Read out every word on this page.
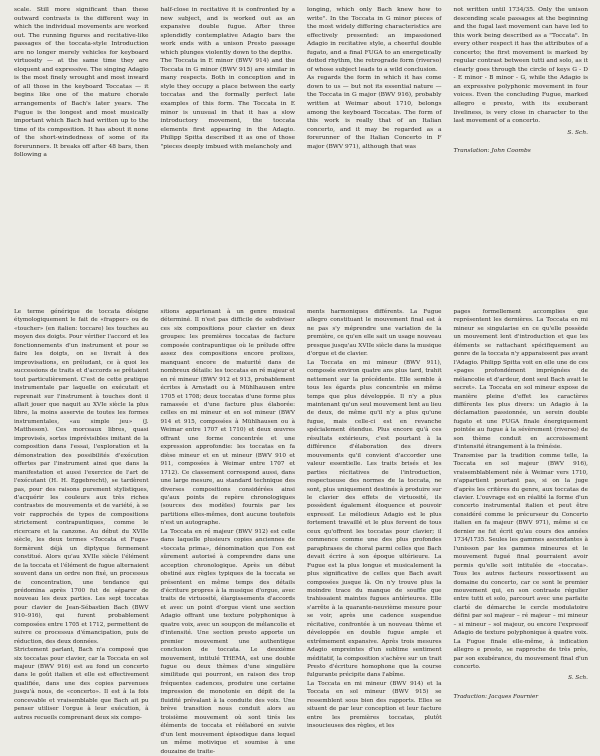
scale. Still more significant than these outward contrasts is the different way in which the individual movements are worked out. The running figures and recitative-like passages of the toccata-style Introduction are no longer merely vehicles for keyboard virtuosity — at the same time they are eloquent and expressive. The singing Adagio is the most finely wrought and most inward of all those in the keyboard Toccatas — it begins like one of the mature chorale arrangements of Bach's later years. The Fugue is the longest and most musically important which Bach had written up to the time of its composition. It has about it none of the short-windedness of some of its forerunners. It breaks off after 48 bars, then following a

half-close in recitative it is confronted by a new subject, and is worked out as an expansive double fugue. After three splendidly contemplative Adagio bars the work ends with a unison Presto passage which plunges violently down to the depths.
The Toccata in E minor (BWV 914) and the Toccata in G minor (BWV 915) are similar in many respects. Both in conception and in style they occupy a place between the early toccatas and the formally perfect late examples of this form. The Toccata in E minor is unusual in that it has a slow introductory movement, the toccata elements first appearing in the Adagio. Philipp Spitta described it as one of those "pieces deeply imbued with melancholy and

longing, which only Bach knew how to write". In the Toccata in G minor pieces of the most widely differing characteristics are effectively presented: an impassioned Adagio in recitative style, a cheerful double fugato, and a final FUGA to an energetically dotted rhythm, the retrograde form (riverso) of whose subject leads to a wild conclusion.
As regards the form in which it has come down to us — but not its essential nature — the Toccata in G major (BWV 916), probably written at Weimar about 1710, belongs among the keyboard Toccatas. The form of this work is really that of an Italian concerto, and it may be regarded as a forerunner of the Italian Concerto in F major (BWV 971), although that was

not written until 1734/35. Only the unison descending scale passages at the beginning and the fugal last movement can have led to this work being described as a "Toccata". In every other respect it has the attributes of a concerto; the first movement is marked by regular contrast between tutti and solo, as it clearly goes through the circle of keys G - D - E minor - B minor - G, while the Adagio is an expressive polyphonic movement in four voices. Even the concluding Fugue, marked allegro e presto, with its exuberant liveliness, is very close in character to the last movement of a concerto.

S. Sch.
Translation: John Coombs

Le terme générique de toccata désigne étymologiquement le fait de «frapper» ou de «toucher» (en italien: toccare) les touches au moyen des doigts. Pour vérifier l'accord et les fonctionnements d'un instrument et pour se faire les doigts, on se livrait à des improvisations, en préludant, ce à quoi les successions de traits et d'accords se prêtaient tout particulièrement. C'est de cette pratique instrumentale par laquelle on exécutait et reprenait sur l'instrument à touches dont il allait jouer que naquit au XVIe siècle la plus libre, la moins asservie de toutes les formes instrumentales, «au simple jeu» (J. Mattheson). Ces morceaux libres, quasi improvisés, sortes imprévisibles imitant de la composition dans l'essai, l'exploration et la démonstration des possibilités d'exécution offertes par l'instrument ainsi que dans la manifestation et aussi l'exercice de l'art de l'exécutant (H. H. Eggebrecht), se tardèrent pas, pour des raisons purement stylistiques, d'acquérir les couleurs aux très riches contrastes de mouvements et de variété, à se voir rapprochés de types de compositions strictement contrapuntiques, comme le ricercare et la canzone. Au début du XVIIe siècle, les deux termes «Toccata et Fuga» formèrent déjà un diptyque fermement constitué. Alors qu'au XVIIe siècle l'élément de la toccata et l'élément de fugue alternaient souvent dans un ordre non fixé, un processus de concentration, une tendance qui prédomina après 1700 fut de séparer de nouveau les deux parties. Les sept toccatas pour clavier de Jean-Sébastien Bach (BWV 910–916), qui furent probablement composées entre 1705 et 1712, permettent de suivre ce processus d'émancipation, puis de réduction, des deux données.
Strictement parlant, Bach n'a composé que six toccatas pour clavier, car la Toccata en sol majeur (BWV 916) est au fond un concerto dans le goût italien et elle est effectivement qualifiée, dans une des copies parvenues jusqu'à nous, de «concerto». Il est à la fois concevable et vraisemblable que Bach ait pu penser utiliser l'orgue à leur exécution, à autres recueils comprenant deux six compo-

sitions appartenant à un genre musical déterminé. Il n'est pas difficile de subdiviser ces six compositions pour clavier en deux groupes: les premières toccatas de facture composée contrapuntique où le prélude offre assez des compositions encore prolixes, manquant encore de maturité dans de nombreux détails: les toccatas en ré majeur et en ré mineur (BWV 912 et 913, probablement écrites à Arnstadt ou à Mühlhausen entre 1705 et 1708; deux toccatas d'une forme plus ramassée et d'une facture plus élaborée: celles en mi mineur et en sol mineur (BWV 914 et 915, composées à Mühlhausen ou à Weimar entre 1707 et 1710) et deux œuvres offrant une forme concentrée et une expression approfondie: les toccatas en fa dièse mineur et en ut mineur (BWV 910 et 911, composées à Weimar entre 1707 et 1712). Ce classement correspond aussi, dans une large mesure, au standard technique des diverses compositions considérées ainsi qu'aux points de repère chronologiques (sources des modèles) fournis par les partitions elles-mêmes, dont aucune toutefois n'est un autographe.
La Toccata en ré majeur (BWV 912) est celle dans laquelle plusieurs copies anciennes de «toccata prima», dénomination que l'on est sûrement autorisé à comprendre dans une acception chronologique. Après un début obstiné aux règles typiques de la toccata se présentent en même temps des détails d'écriture propres à la musique d'orgue, avec traits de virtuosité, élargissements d'accords et avec un point d'orgue vient une section Adagio offrant une texture polyphonique à quatre voix, avec un soupçon de mélancolie et d'intensité. Une section presto apporte un premier mouvement une authentique conclusion de toccata. Le deuxième mouvement, intitulé THEMA, est une double fugue ou deux thèmes d'une singulière similitude qui pourront, en raison des trop fréquentes cadences, produire une certaine impression de monotonie en dépit de la fluidité prévalant à la conduite des voix. Une brève transition nous conduit alors au troisième mouvement où sont tirés les éléments de toccata et réélaboré en suivie d'un lent mouvement épisodique dans lequel un même motivique et soumise à une douzaine de traite-

ments harmoniques différents. La Fugue allegro constituant le mouvement final est à ne pas s'y méprendre une variation de la première, ce qu'en elle sait un usage nouveau presque jusqu'au XVIIe siècle dans la musique d'orgue et de clavier.
La Toccata en mi mineur (BWV 911), composée environ quatre ans plus tard, trahit nettement sur la précédente. Elle semble à tous les égards plus concentrée en même temps que plus développée. Il n'y a plus maintenant qu'un seul mouvement lent au lieu de deux, de même qu'il n'y a plus qu'une fugue, mais celle-ci est en revanche spécialement étendue. Plus encore qu'à ces résultats extérieurs, c'est pourtant à la différence d'élaboration des divers mouvements qu'il convient d'accorder une valeur essentielle. Les traits brisés et les parties récitatives de l'introduction, respectueuse des normes de la toccata, ne sont, plus uniquement destinés à produire sur le clavier des effets de virtuosité, ils possèdent également éloquence et pouvoir expressif. Le mélodieux Adagio est le plus fortement travaillé et le plus fervent de tous ceux qu'offrent les toccatas pour clavier; il commence comme une des plus profondes paraphrases de choral parmi celles que Bach devait écrire à son époque ultérieure. La Fugue est la plus longue et musicalement la plus significative de celles que Bach avait composées jusque là. On n'y trouve plus la moindre trace du manque de souffle que trahissaient maintes fugues antérieures. Elle s'arrête à la quarante-neuvième mesure pour se voir, après une cadence suspendue récitative, confrontée à un nouveau thème et développée en double fugue ample et extrêmement expansive. Après trois mesures Adagio empreintes d'un sublime sentiment méditatif, la composition s'achève sur un trait Presto d'écriture homophone que la course fulgurante précipite dans l'abîme.
La Toccata en mi mineur (BWV 914) et la Toccata en sol mineur (BWV 915) se ressemblent sous bien des rapports. Elles se situent de par leur conception et leur facture entre les premières toccatas, plutôt insoucieuses des règles, et les

pages formellement accomplies que représentent les dernières. La Toccata en mi mineur se singularise en ce qu'elle possède un mouvement lent d'introduction et que les éléments se rattachant spécifiquement au genre de la toccata n'y apparaissent pas avant l'Adagio. Philipp Spitta voit en elle une de ces «pages profondément imprégnées de mélancolie et d'ardeur, dont seul Bach avait le secret». La Toccata en sol mineur expose de manière pleine d'effet les caractères différents les plus divers: un Adagio à la déclamation passionnée, un serein double fugato et une FUGA finale énergiquement pointée au fugue à la sévèrement (riverso) de son thème conduit en accroissement d'intensité étrangement à la frénésie.
Transmise par la tradition comme telle, la Toccata en sol majeur (BWV 916), vraisemblablement née à Weimar vers 1710, n'appartient pourtant pas, si on la juge d'après les critères du genre, aux toccatas de clavier. L'ouvrage est en réalité la forme d'un concerto instrumental italien et peut être considéré comme le précurseur du Concerto italien en fa majeur (BWV 971), même si ce dernier ne fut écrit qu'au cours des années 1734/1735. Seules les gammes ascendantes à l'unisson par les gammes mineures et le mouvement fugué final pourraient avoir permis qu'elle soit intitulée de «toccata». Tous les autres facteurs ressortissent au domaine du concerto, car ce sont le premier mouvement qui, en son contraste régulier entre tutti et solo, parcourt avec une parfaite clarté de démarche le cercle modulatoire défini par sol majeur – ré majeur – mi mineur – si mineur – sol majeur, ou encore l'expressif Adagio de texture polyphonique à quatre voix. La Fugue finale elle-même, à indication allegro e presto, se rapproche de très près, par son exubérance, du mouvement final d'un concerto.

S. Sch.
Traduction: Jacques Fournier
